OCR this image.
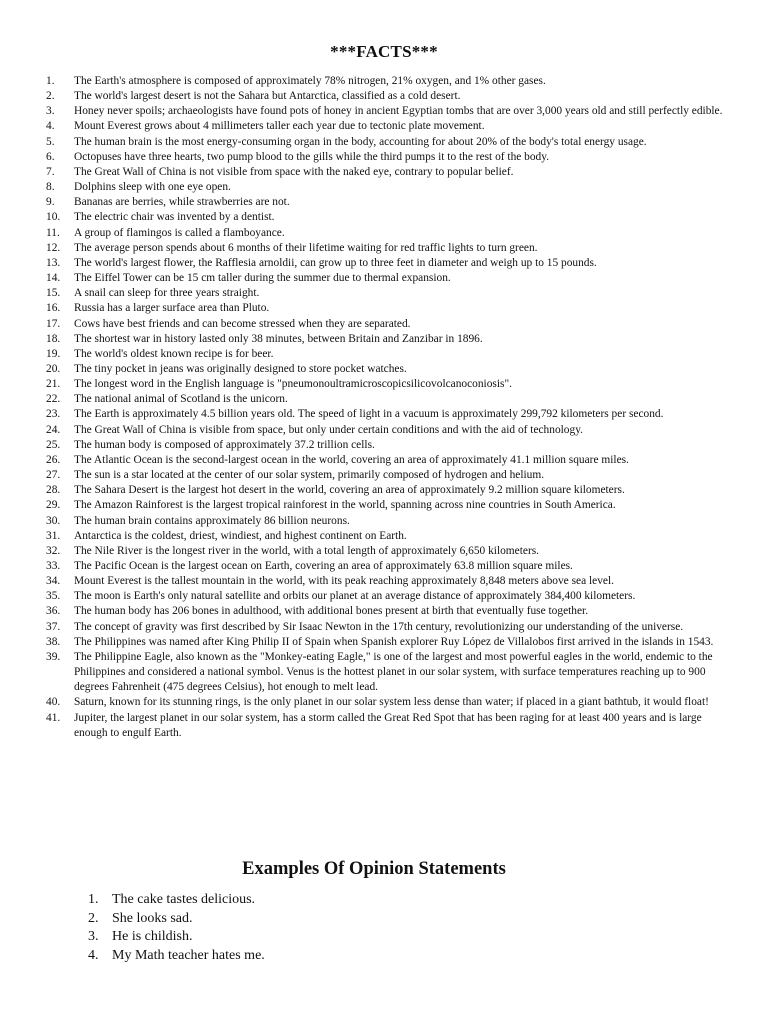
***FACTS***
1.	The Earth's atmosphere is composed of approximately 78% nitrogen, 21% oxygen, and 1% other gases.
2.	The world's largest desert is not the Sahara but Antarctica, classified as a cold desert.
3.	Honey never spoils; archaeologists have found pots of honey in ancient Egyptian tombs that are over 3,000 years old and still perfectly edible.
4.	Mount Everest grows about 4 millimeters taller each year due to tectonic plate movement.
5.	The human brain is the most energy-consuming organ in the body, accounting for about 20% of the body's total energy usage.
6.	Octopuses have three hearts, two pump blood to the gills while the third pumps it to the rest of the body.
7.	The Great Wall of China is not visible from space with the naked eye, contrary to popular belief.
8.	Dolphins sleep with one eye open.
9.	Bananas are berries, while strawberries are not.
10.	The electric chair was invented by a dentist.
11.	A group of flamingos is called a flamboyance.
12.	The average person spends about 6 months of their lifetime waiting for red traffic lights to turn green.
13.	The world's largest flower, the Rafflesia arnoldii, can grow up to three feet in diameter and weigh up to 15 pounds.
14.	The Eiffel Tower can be 15 cm taller during the summer due to thermal expansion.
15.	A snail can sleep for three years straight.
16.	Russia has a larger surface area than Pluto.
17.	Cows have best friends and can become stressed when they are separated.
18.	The shortest war in history lasted only 38 minutes, between Britain and Zanzibar in 1896.
19.	The world's oldest known recipe is for beer.
20.	The tiny pocket in jeans was originally designed to store pocket watches.
21.	The longest word in the English language is "pneumonoultramicroscopicsilicovolcanoconiosis".
22.	The national animal of Scotland is the unicorn.
23.	The Earth is approximately 4.5 billion years old. The speed of light in a vacuum is approximately 299,792 kilometers per second.
24.	The Great Wall of China is visible from space, but only under certain conditions and with the aid of technology.
25.	The human body is composed of approximately 37.2 trillion cells.
26.	The Atlantic Ocean is the second-largest ocean in the world, covering an area of approximately 41.1 million square miles.
27.	The sun is a star located at the center of our solar system, primarily composed of hydrogen and helium.
28.	The Sahara Desert is the largest hot desert in the world, covering an area of approximately 9.2 million square kilometers.
29.	The Amazon Rainforest is the largest tropical rainforest in the world, spanning across nine countries in South America.
30.	The human brain contains approximately 86 billion neurons.
31.	Antarctica is the coldest, driest, windiest, and highest continent on Earth.
32.	The Nile River is the longest river in the world, with a total length of approximately 6,650 kilometers.
33.	The Pacific Ocean is the largest ocean on Earth, covering an area of approximately 63.8 million square miles.
34.	Mount Everest is the tallest mountain in the world, with its peak reaching approximately 8,848 meters above sea level.
35.	The moon is Earth's only natural satellite and orbits our planet at an average distance of approximately 384,400 kilometers.
36.	The human body has 206 bones in adulthood, with additional bones present at birth that eventually fuse together.
37.	The concept of gravity was first described by Sir Isaac Newton in the 17th century, revolutionizing our understanding of the universe.
38.	The Philippines was named after King Philip II of Spain when Spanish explorer Ruy López de Villalobos first arrived in the islands in 1543.
39.	The Philippine Eagle, also known as the "Monkey-eating Eagle," is one of the largest and most powerful eagles in the world, endemic to the Philippines and considered a national symbol. Venus is the hottest planet in our solar system, with surface temperatures reaching up to 900 degrees Fahrenheit (475 degrees Celsius), hot enough to melt lead.
40.	Saturn, known for its stunning rings, is the only planet in our solar system less dense than water; if placed in a giant bathtub, it would float!
41.	Jupiter, the largest planet in our solar system, has a storm called the Great Red Spot that has been raging for at least 400 years and is large enough to engulf Earth.
Examples Of Opinion Statements
1. The cake tastes delicious.
2. She looks sad.
3. He is childish.
4. My Math teacher hates me.
